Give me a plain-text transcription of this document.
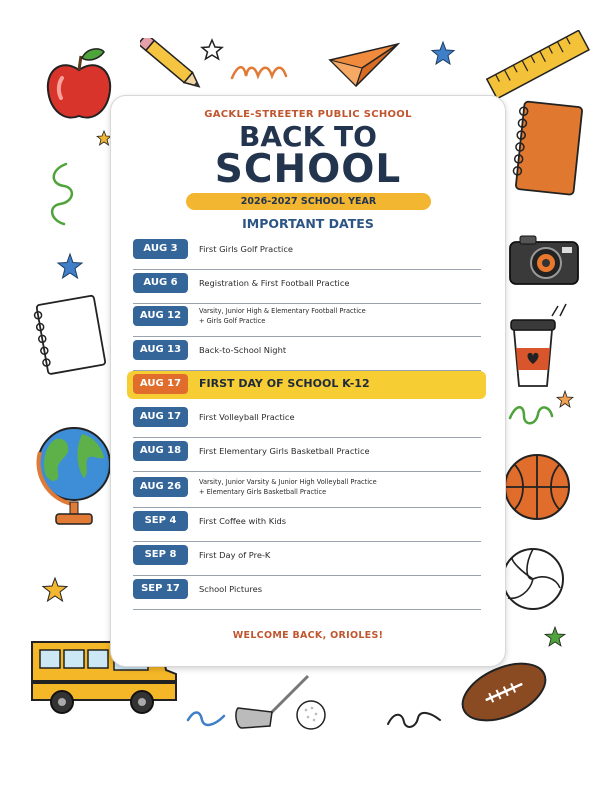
GACKLE-STREETER PUBLIC SCHOOL

BACK TO

SCHOOL

2026-2027 SCHOOL YEAR

IMPORTANT DATES

AUG 3	First Girls Golf Practice
AUG 6	Registration & First Football Practice
AUG 12	Varsity, Junior High & Elementary Football Practice
+ Girls Golf Practice
AUG 13	Back-to-School Night
AUG 17	FIRST DAY OF SCHOOL K-12
AUG 17	First Volleyball Practice
AUG 18	First Elementary Girls Basketball Practice
AUG 26	Varsity, Junior Varsity & Junior High Volleyball Practice
+ Elementary Girls Basketball Practice
SEP 4	First Coffee with Kids
SEP 8	First Day of Pre-K
SEP 17	School Pictures

WELCOME BACK, ORIOLES!
